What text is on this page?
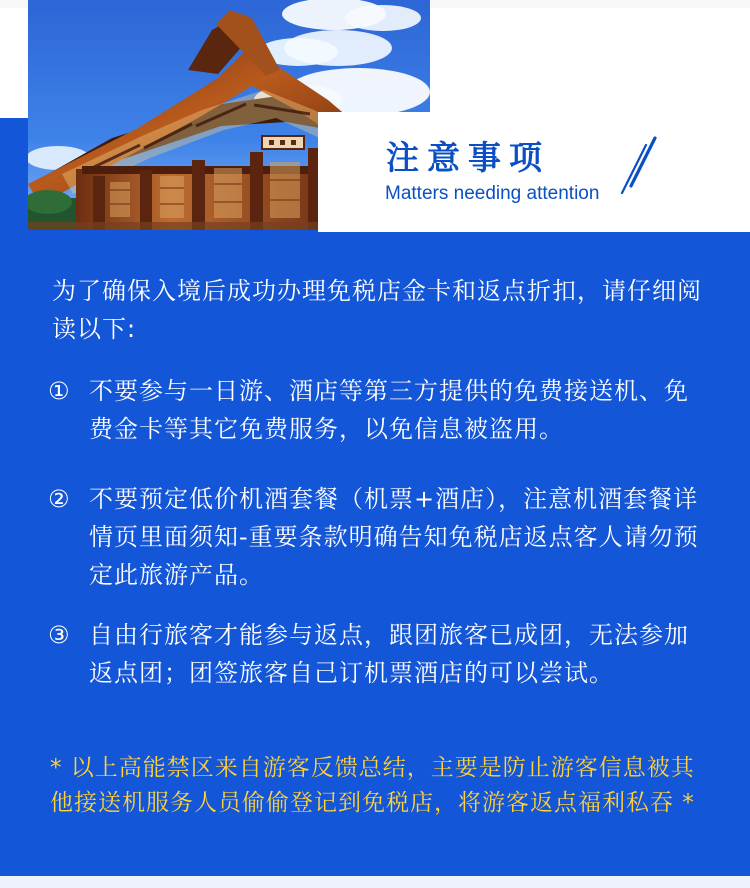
注意事项
Matters needing attention
为了确保入境后成功办理免税店金卡和返点折扣，请仔细阅读以下:
① 不要参与一日游、酒店等第三方提供的免费接送机、免费金卡等其它免费服务，以免信息被盗用。
② 不要预定低价机酒套餐（机票+酒店），注意机酒套餐详情页里面须知-重要条款明确告知免税店返点客人请勿预定此旅游产品。
③ 自由行旅客才能参与返点，跟团旅客已成团，无法参加返点团；团签旅客自己订机票酒店的可以尝试。
* 以上高能禁区来自游客反馈总结，主要是防止游客信息被其他接送机服务人员偷偷登记到免税店，将游客返点福利私吞 *
